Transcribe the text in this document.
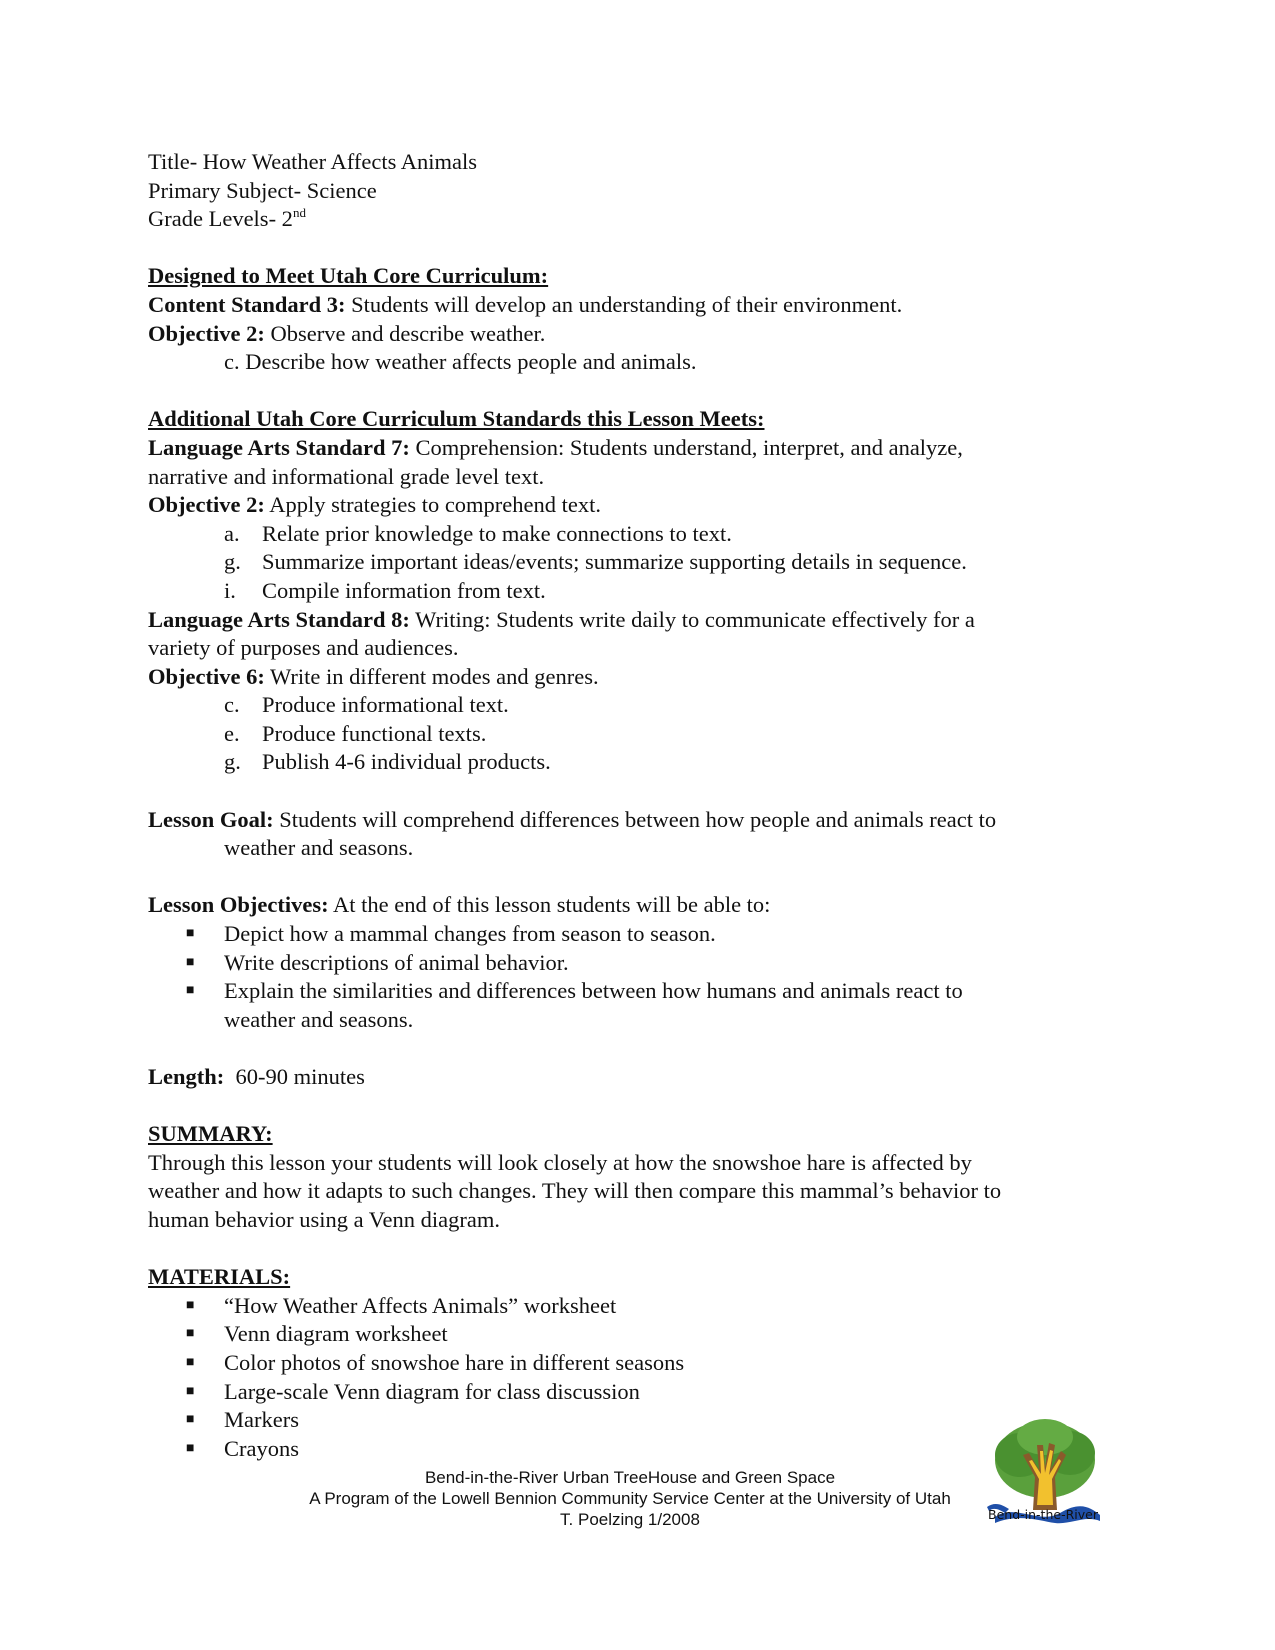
Title- How Weather Affects Animals
Primary Subject- Science
Grade Levels- 2nd
Designed to Meet Utah Core Curriculum:
Content Standard 3: Students will develop an understanding of their environment.
Objective 2: Observe and describe weather.
c. Describe how weather affects people and animals.
Additional Utah Core Curriculum Standards this Lesson Meets:
Language Arts Standard 7: Comprehension: Students understand, interpret, and analyze,
narrative and informational grade level text.
Objective 2: Apply strategies to comprehend text.
a. Relate prior knowledge to make connections to text.
g. Summarize important ideas/events; summarize supporting details in sequence.
i.	Compile information from text.
Language Arts Standard 8: Writing: Students write daily to communicate effectively for a
variety of purposes and audiences.
Objective 6: Write in different modes and genres.
c. Produce informational text.
e. Produce functional texts.
g. Publish 4-6 individual products.
Lesson Goal: Students will comprehend differences between how people and animals react to
weather and seasons.
Lesson Objectives: At the end of this lesson students will be able to:
■	Depict how a mammal changes from season to season.
■	Write descriptions of animal behavior.
■	Explain the similarities and differences between how humans and animals react to weather and seasons.
Length:  60-90 minutes
SUMMARY:
Through this lesson your students will look closely at how the snowshoe hare is affected by
weather and how it adapts to such changes. They will then compare this mammal’s behavior to
human behavior using a Venn diagram.
MATERIALS:
■	“How Weather Affects Animals” worksheet
■	Venn diagram worksheet
■	Color photos of snowshoe hare in different seasons
■	Large-scale Venn diagram for class discussion
■	Markers
■	Crayons
Bend-in-the-River Urban TreeHouse and Green Space
A Program of the Lowell Bennion Community Service Center at the University of Utah
T. Poelzing 1/2008	Bend-in-the-River
